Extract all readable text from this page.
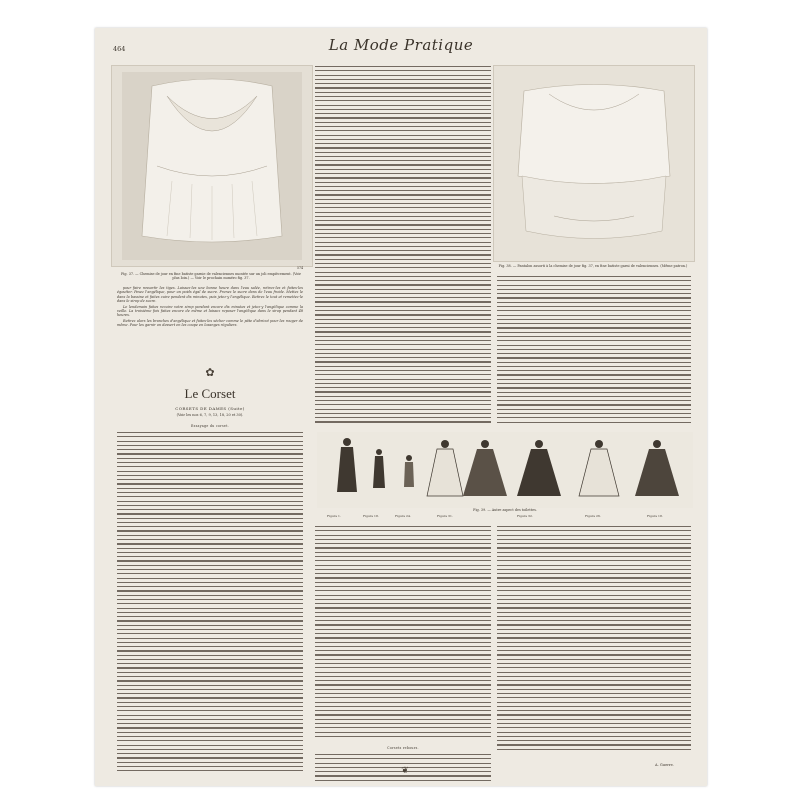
464	La Mode Pratique
574
Fig. 37. — Chemise de jour en fine batiste garnie de valenciennes montée sur un joli empiècement. (Voir plus loin.) — Voir le prochain numéro fig. 37.
Fig. 38. — Pantalon assorti à la chemise de jour fig. 37, en fine batiste garni de valenciennes. (Même patron.)

pour faire ressortir les tiges. Laissez-les une bonne heure dans l'eau salée, retirez-les et faites-les égoutter. Pesez l'angélique, pour un poids égal de sucre. Prenez le sucre dans de l'eau froide. Mettez le dans la bassine et faites cuire pendant dix minutes, puis jetez-y l'angélique. Retirez le tout et remettez-le dans le sirop de sucre.

Le lendemain faites recuire votre sirop pendant encore dix minutes et jetez-y l'angélique comme la veille. La troisième fois faites encore de même et laissez reposer l'angélique dans le sirop pendant 48 heures.

Retirez alors les branches d'angélique et faites-les sécher comme le pâte d'abricot pour les rouger de même. Pour les garnir on dessert en les coupe en losanges réguliers.

✿
Le Corset
CORSETS DE DAMES (Suite)
(Voir les nos 6, 7, 9, 13, 18, 20 et 30).
Essayage du corset.
Fig. 39. — Autre aspect des toilettes.
Figure 1.	Figure 18.	Figure 24.	Figure 31.	Figure 32.	Figure 26.	Figure 18.
Corsets rebours.
A. Guerre.
❦
